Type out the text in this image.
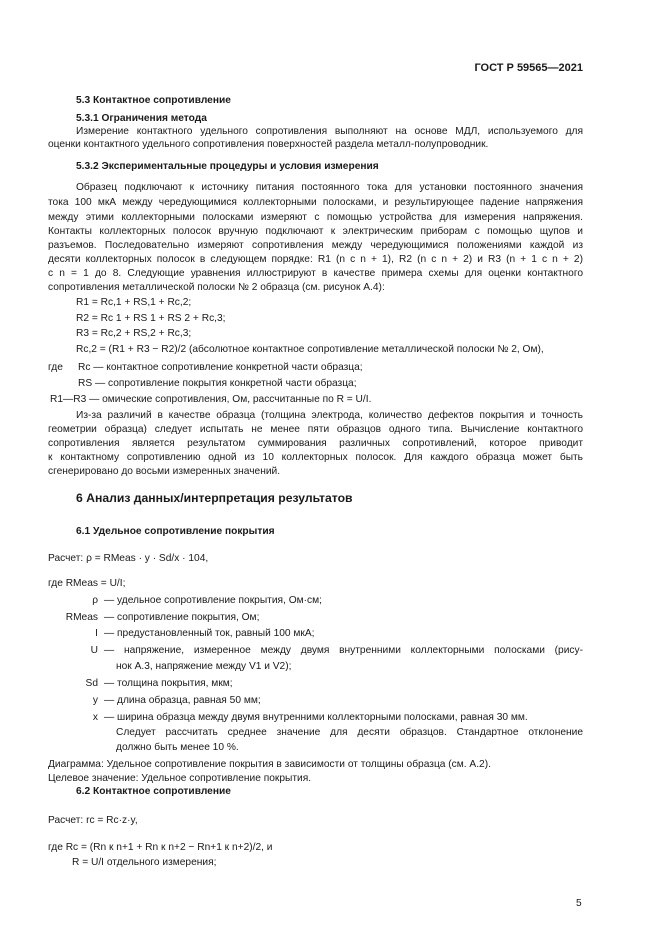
ГОСТ Р 59565—2021
5.3 Контактное сопротивление
5.3.1 Ограничения метода
Измерение контактного удельного сопротивления выполняют на основе МДЛ, используемого для
оценки контактного удельного сопротивления поверхностей раздела металл-полупроводник.
5.3.2 Экспериментальные процедуры и условия измерения
Образец подключают к источнику питания постоянного тока для установки постоянного значения
тока 100 мкА между чередующимися коллекторными полосками, и результирующее падение напряжения
между этими коллекторными полосками измеряют с помощью устройства для измерения напряжения.
Контакты коллекторных полосок вручную подключают к электрическим приборам с помощью щупов и
разъемов. Последовательно измеряют сопротивления между чередующимися положениями каждой из
десяти коллекторных полосок в следующем порядке: R1 (n с n + 1), R2 (n с n + 2) и R3 (n + 1 с n + 2)
с n = 1 до 8. Следующие уравнения иллюстрируют в качестве примера схемы для оценки контактного
сопротивления металлической полоски № 2 образца (см. рисунок А.4):
R1 = Rc,1 + RS,1 + Rc,2;
R2 = Rc 1 + RS 1 + RS 2 + Rc,3;
R3 = Rc,2 + RS,2 + Rc,3;
Rc,2 = (R1 + R3 − R2)/2 (абсолютное контактное сопротивление металлической полоски № 2, Ом),
где Rc — контактное сопротивление конкретной части образца;
RS — сопротивление покрытия конкретной части образца;
R1—R3 — омические сопротивления, Ом, рассчитанные по R = U/I.
Из-за различий в качестве образца (толщина электрода, количество дефектов покрытия и точность
геометрии образца) следует испытать не менее пяти образцов одного типа. Вычисление контактного
сопротивления является результатом суммирования различных сопротивлений, которое приводит
к контактному сопротивлению одной из 10 коллекторных полосок. Для каждого образца может быть
сгенерировано до восьми измеренных значений.
6 Анализ данных/интерпретация результатов
6.1 Удельное сопротивление покрытия
Расчет: ρ = RMeas · y · Sd/x · 104,
где RMeas = U/I;
ρ — удельное сопротивление покрытия, Ом·см;
RMeas — сопротивление покрытия, Ом;
I — предустановленный ток, равный 100 мкА;
U — напряжение, измеренное между двумя внутренними коллекторными полосками (рису-
нок А.3, напряжение между V1 и V2);
Sd — толщина покрытия, мкм;
y — длина образца, равная 50 мм;
x — ширина образца между двумя внутренними коллекторными полосками, равная 30 мм.
Следует рассчитать среднее значение для десяти образцов. Стандартное отклонение
должно быть менее 10 %.
Диаграмма: Удельное сопротивление покрытия в зависимости от толщины образца (см. А.2).
Целевое значение: Удельное сопротивление покрытия.
6.2 Контактное сопротивление
Расчет: rc = Rc·z·y,
где Rc = (Rn к n+1 + Rn к n+2 − Rn+1 к n+2)/2, и
R = U/I отдельного измерения;
5
